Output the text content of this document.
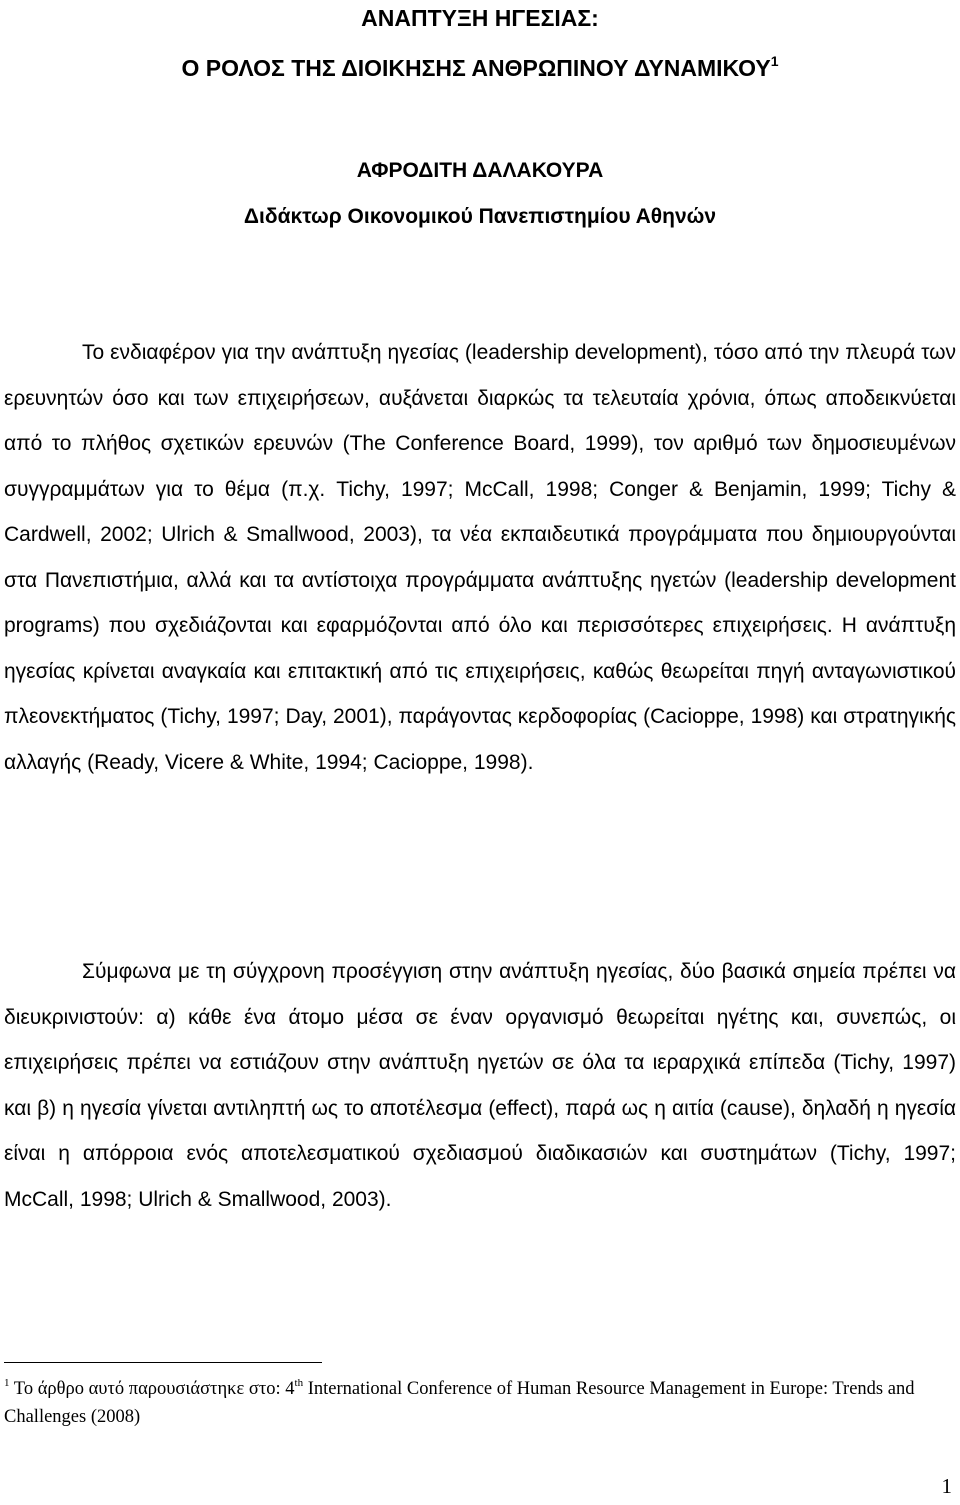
ΑΝΑΠΤΥΞΗ ΗΓΕΣΙΑΣ:
Ο ΡΟΛΟΣ ΤΗΣ ΔΙΟΙΚΗΣΗΣ ΑΝΘΡΩΠΙΝΟΥ ΔΥΝΑΜΙΚΟΥ$^1$
ΑΦΡΟΔΙΤΗ ΔΑΛΑΚΟΥΡΑ
Διδάκτωρ Οικονομικού Πανεπιστημίου Αθηνών

Το ενδιαφέρον για την ανάπτυξη ηγεσίας (leadership development), τόσο από την πλευρά των ερευνητών όσο και των επιχειρήσεων, αυξάνεται διαρκώς τα τελευταία χρόνια, όπως αποδεικνύεται από το πλήθος σχετικών ερευνών (The Conference Board, 1999), τον αριθμό των δημοσιευμένων συγγραμμάτων για το θέμα (π.χ. Tichy, 1997; McCall, 1998; Conger & Benjamin, 1999; Tichy & Cardwell, 2002; Ulrich & Smallwood, 2003), τα νέα εκπαιδευτικά προγράμματα που δημιουργούνται στα Πανεπιστήμια, αλλά και τα αντίστοιχα προγράμματα ανάπτυξης ηγετών (leadership development programs) που σχεδιάζονται και εφαρμόζονται από όλο και περισσότερες επιχειρήσεις. Η ανάπτυξη ηγεσίας κρίνεται αναγκαία και επιτακτική από τις επιχειρήσεις, καθώς θεωρείται πηγή ανταγωνιστικού πλεονεκτήματος (Tichy, 1997; Day, 2001), παράγοντας κερδοφορίας (Cacioppe, 1998) και στρατηγικής αλλαγής (Ready, Vicere & White, 1994; Cacioppe, 1998).

Σύμφωνα με τη σύγχρονη προσέγγιση στην ανάπτυξη ηγεσίας, δύο βασικά σημεία πρέπει να διευκρινιστούν: α) κάθε ένα άτομο μέσα σε έναν οργανισμό θεωρείται ηγέτης και, συνεπώς, οι επιχειρήσεις πρέπει να εστιάζουν στην ανάπτυξη ηγετών σε όλα τα ιεραρχικά επίπεδα (Tichy, 1997) και β) η ηγεσία γίνεται αντιληπτή ως το αποτέλεσμα (effect), παρά ως η αιτία (cause), δηλαδή η ηγεσία είναι η απόρροια ενός αποτελεσματικού σχεδιασμού διαδικασιών και συστημάτων (Tichy, 1997; McCall, 1998; Ulrich & Smallwood, 2003).

$^1$ Το άρθρο αυτό παρουσιάστηκε στο: 4th International Conference of Human Resource Management in Europe: Trends and Challenges (2008)

1
